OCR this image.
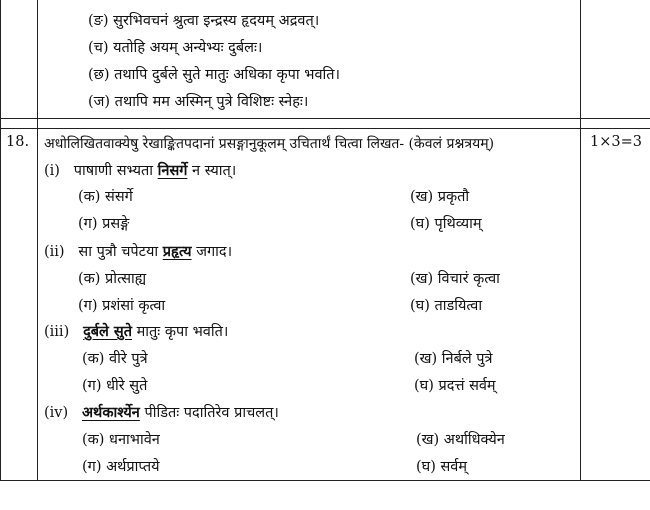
(ङ) सुरभिवचनं श्रुत्वा इन्द्रस्य हृदयम् अद्रवत्।
(च) यतोहि अयम् अन्येभ्यः दुर्बलः।
(छ) तथापि दुर्बले सुते मातुः अधिका कृपा भवति।
(ज) तथापि मम अस्मिन् पुत्रे विशिष्टः स्नेहः।
18. अधोलिखितवाक्येषु रेखाङ्कितपदानां प्रसङ्गानुकूलम् उचितार्थं चित्वा लिखत- (केवलं प्रश्नत्रयम्)	1×3=3
(i) पाषाणी सभ्यता निसर्गे न स्यात्।
(क) संसर्गे	(ख) प्रकृतौ
(ग) प्रसङ्गे	(घ) पृथिव्याम्
(ii) सा पुत्रौ चपेटया प्रहृत्य जगाद।
(क) प्रोत्साह्य	(ख) विचारं कृत्वा
(ग) प्रशंसां कृत्वा	(घ) ताडयित्वा
(iii) दुर्बले सुते मातुः कृपा भवति।
(क) वीरे पुत्रे	(ख) निर्बले पुत्रे
(ग) धीरे सुते	(घ) प्रदत्तं सर्वम्
(iv) अर्थकार्श्येन पीडितः पदातिरेव प्राचलत्।
(क) धनाभावेन	(ख) अर्थाधिक्येन
(ग) अर्थप्राप्तये	(घ) सर्वम्
